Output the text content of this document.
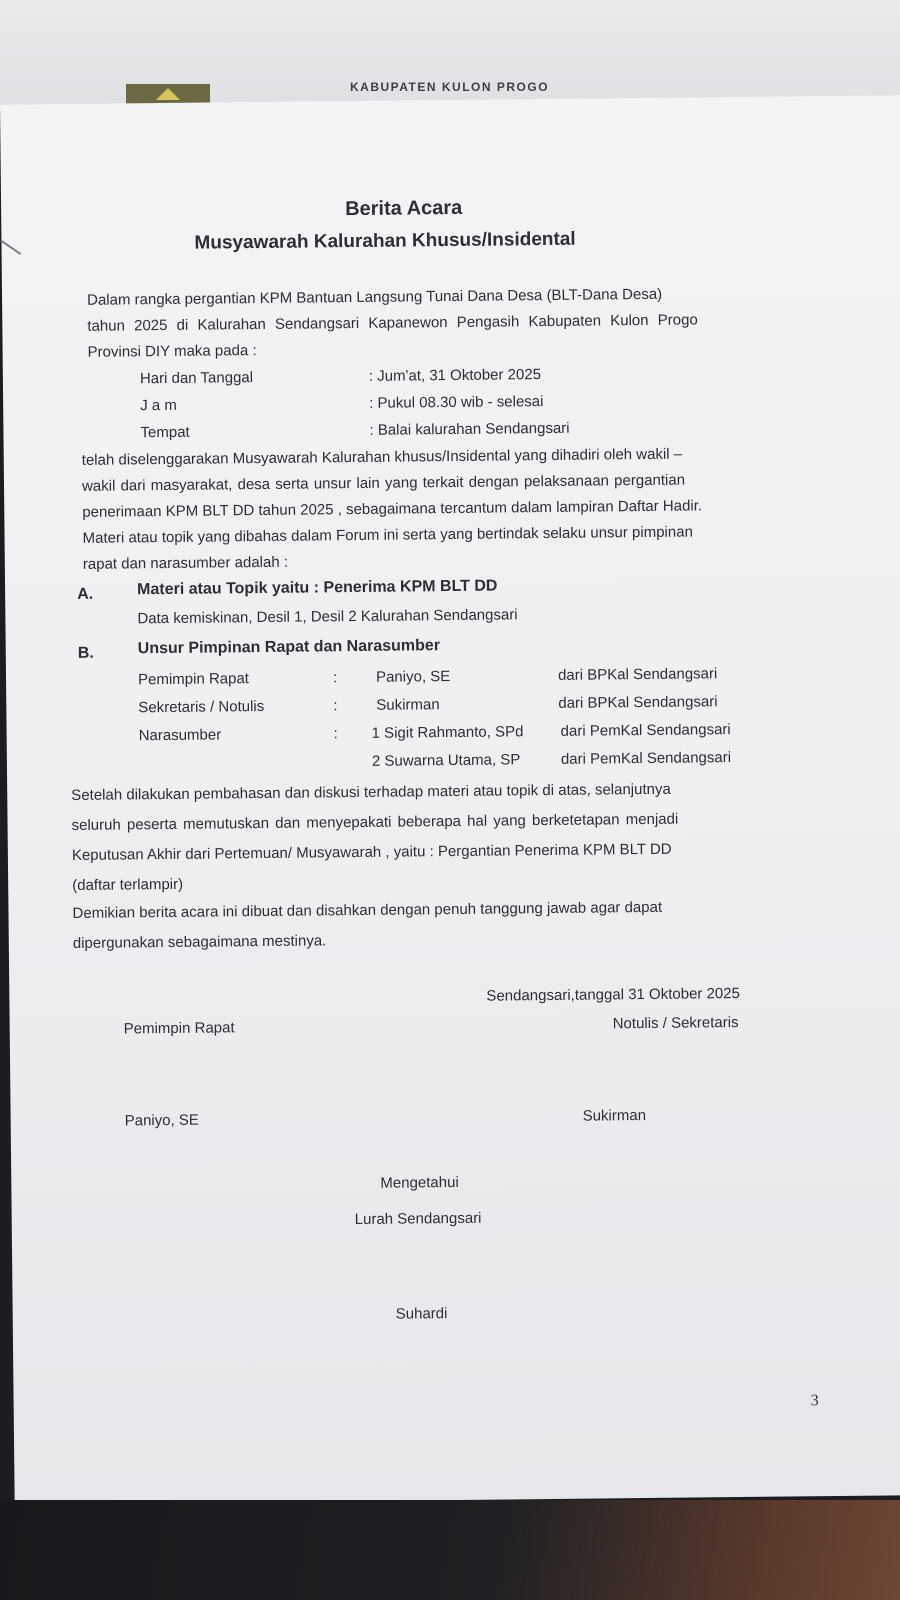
KABUPATEN KULON PROGO
Berita Acara
Musyawarah Kalurahan Khusus/Insidental
Dalam rangka pergantian KPM Bantuan Langsung Tunai Dana Desa (BLT-Dana Desa)
tahun 2025 di Kalurahan Sendangsari Kapanewon Pengasih Kabupaten Kulon Progo
Provinsi DIY maka pada :
Hari dan Tanggal	: Jum'at, 31 Oktober 2025
J a m	: Pukul 08.30 wib - selesai
Tempat	: Balai kalurahan Sendangsari
telah diselenggarakan Musyawarah Kalurahan khusus/Insidental yang dihadiri oleh wakil –
wakil dari masyarakat, desa serta unsur lain yang terkait dengan pelaksanaan pergantian
penerimaan KPM BLT DD tahun 2025 , sebagaimana tercantum dalam lampiran Daftar Hadir.
Materi atau topik yang dibahas dalam Forum ini serta yang bertindak selaku unsur pimpinan
rapat dan narasumber adalah :
A.	Materi atau Topik yaitu : Penerima KPM BLT DD
Data kemiskinan, Desil 1, Desil 2 Kalurahan Sendangsari
B.	Unsur Pimpinan Rapat dan Narasumber
Pemimpin Rapat	:	Paniyo, SE	dari BPKal Sendangsari
Sekretaris / Notulis	:	Sukirman	dari BPKal Sendangsari
Narasumber	: 1 Sigit Rahmanto, SPd dari PemKal Sendangsari
2 Suwarna Utama, SP	dari PemKal Sendangsari
Setelah dilakukan pembahasan dan diskusi terhadap materi atau topik di atas, selanjutnya
seluruh peserta memutuskan dan menyepakati beberapa hal yang berketetapan menjadi
Keputusan Akhir dari Pertemuan/ Musyawarah , yaitu : Pergantian Penerima KPM BLT DD
(daftar terlampir)
Demikian berita acara ini dibuat dan disahkan dengan penuh tanggung jawab agar dapat
dipergunakan sebagaimana mestinya.
Sendangsari,tanggal 31 Oktober 2025
Pemimpin Rapat	Notulis / Sekretaris
Paniyo, SE	Sukirman
Mengetahui
Lurah Sendangsari
Suhardi
3
